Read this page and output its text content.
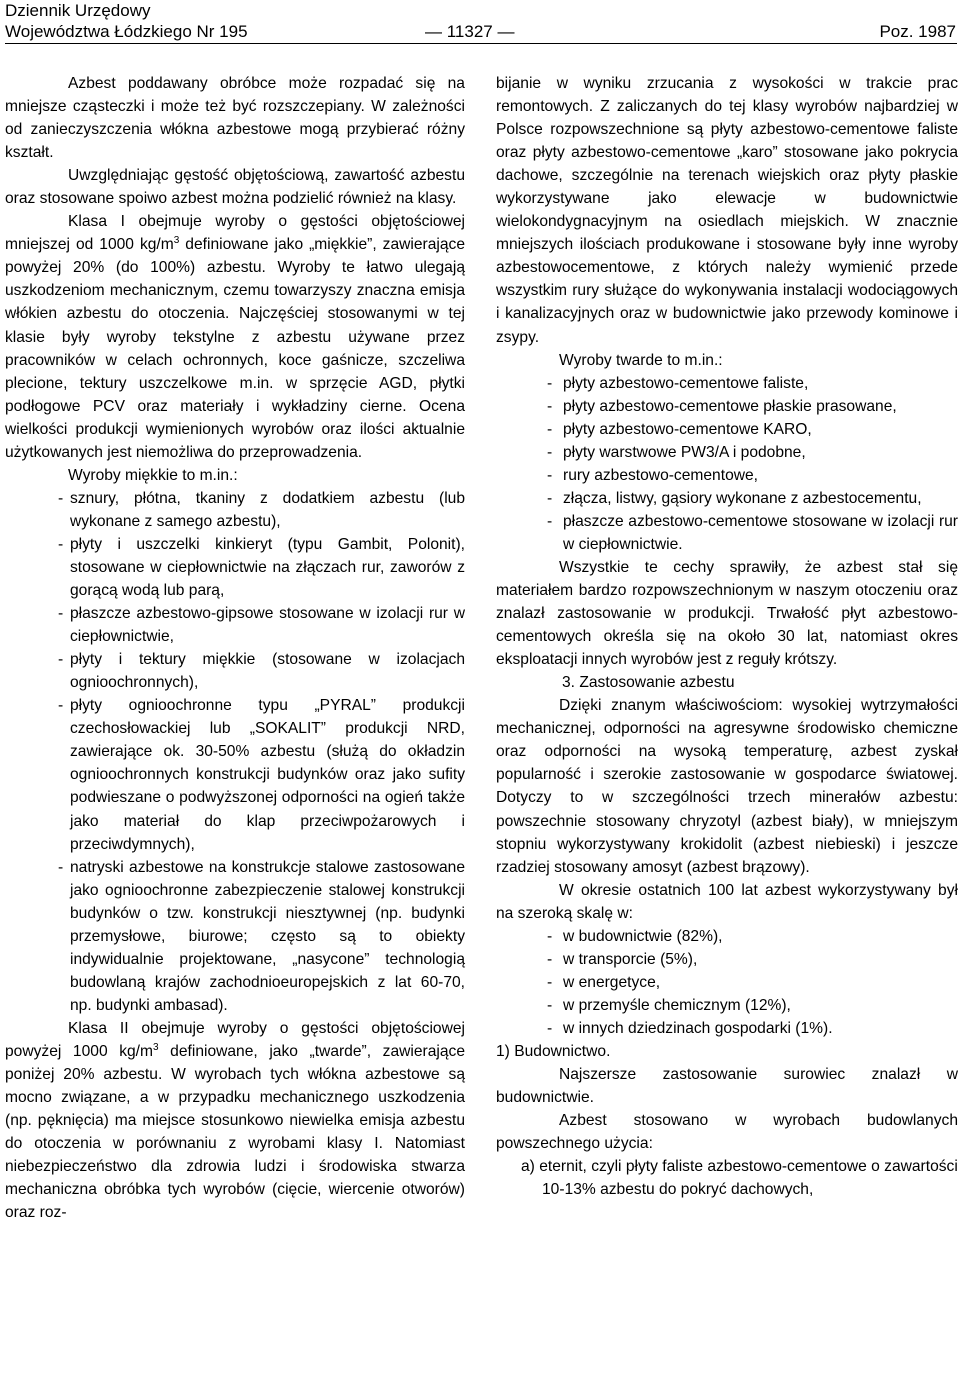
Dziennik Urzędowy
Województwa Łódzkiego Nr 195	— 11327 —	Poz. 1987

Azbest poddawany obróbce może rozpadać się na mniejsze cząsteczki i może też być rozszczepiany. W zależności od zanieczyszczenia włókna azbestowe mogą przybierać różny kształt.

Uwzględniając gęstość objętościową, zawartość azbestu oraz stosowane spoiwo azbest można podzielić również na klasy.

Klasa I obejmuje wyroby o gęstości objętościowej mniejszej od 1000 $kg/m^3$ definiowane jako „miękkie”, zawierające powyżej 20% (do 100%) azbestu. Wyroby te łatwo ulegają uszkodzeniom mechanicznym, czemu towarzyszy znaczna emisja włókien azbestu do otoczenia. Najczęściej stosowanymi w tej klasie były wyroby tekstylne z azbestu używane przez pracowników w celach ochronnych, koce gaśnicze, szczeliwa plecione, tektury uszczelkowe m.in. w sprzęcie AGD, płytki podłogowe PCV oraz materiały i wykładziny cierne. Ocena wielkości produkcji wymienionych wyrobów oraz ilości aktualnie użytkowanych jest niemożliwa do przeprowadzenia.

Wyroby miękkie to m.in.:

- sznury, płótna, tkaniny z dodatkiem azbestu (lub wykonane z samego azbestu),
- płyty i uszczelki kinkieryt (typu Gambit, Polonit), stosowane w ciepłownictwie na złączach rur, zaworów z gorącą wodą lub parą,
- płaszcze azbestowo-gipsowe stosowane w izolacji rur w ciepłownictwie,
- płyty i tektury miękkie (stosowane w izolacjach ognioochronnych),
- płyty ognioochronne typu „PYRAL” produkcji czechosłowackiej lub „SOKALIT” produkcji NRD, zawierające ok. 30-50% azbestu (służą do okładzin ognioochronnych konstrukcji budynków oraz jako sufity podwieszane o podwyższonej odporności na ogień także jako materiał do klap przeciwpożarowych i przeciwdymnych),
- natryski azbestowe na konstrukcje stalowe zastosowane jako ognioochronne zabezpieczenie stalowej konstrukcji budynków o tzw. konstrukcji niesztywnej (np. budynki przemysłowe, biurowe; często są to obiekty indywidualnie projektowane, „nasycone” technologią budowlaną krajów zachodnioeuropejskich z lat 60-70, np. budynki ambasad).

Klasa II obejmuje wyroby o gęstości objętościowej powyżej 1000 $kg/m^3$ definiowane, jako „twarde”, zawierające poniżej 20% azbestu. W wyrobach tych włókna azbestowe są mocno związane, a w przypadku mechanicznego uszkodzenia (np. pęknięcia) ma miejsce stosunkowo niewielka emisja azbestu do otoczenia w porównaniu z wyrobami klasy I. Natomiast niebezpieczeństwo dla zdrowia ludzi i środowiska stwarza mechaniczna obróbka tych wyrobów (cięcie, wiercenie otworów) oraz roz-

bijanie w wyniku zrzucania z wysokości w trakcie prac remontowych. Z zaliczanych do tej klasy wyrobów najbardziej w Polsce rozpowszechnione są płyty azbestowo-cementowe faliste oraz płyty azbestowo-cementowe „karo” stosowane jako pokrycia dachowe, szczególnie na terenach wiejskich oraz płyty płaskie wykorzystywane jako elewacje w budownictwie wielokondygnacyjnym na osiedlach miejskich. W znacznie mniejszych ilościach produkowane i stosowane były inne wyroby azbestowocementowe, z których należy wymienić przede wszystkim rury służące do wykonywania instalacji wodociągowych i kanalizacyjnych oraz w budownictwie jako przewody kominowe i zsypy.

Wyroby twarde to m.in.:

- płyty azbestowo-cementowe faliste,
- płyty azbestowo-cementowe płaskie prasowane,
- płyty azbestowo-cementowe KARO,
- płyty warstwowe PW3/A i podobne,
- rury azbestowo-cementowe,
- złącza, listwy, gąsiory wykonane z azbestocementu,
- płaszcze azbestowo-cementowe stosowane w izolacji rur w ciepłownictwie.

Wszystkie te cechy sprawiły, że azbest stał się materiałem bardzo rozpowszechnionym w naszym otoczeniu oraz znalazł zastosowanie w produkcji. Trwałość płyt azbestowo-cementowych określa się na około 30 lat, natomiast okres eksploatacji innych wyrobów jest z reguły krótszy.

3. Zastosowanie azbestu

Dzięki znanym właściwościom: wysokiej wytrzymałości mechanicznej, odporności na agresywne środowisko chemiczne oraz odporności na wysoką temperaturę, azbest zyskał popularność i szerokie zastosowanie w gospodarce światowej. Dotyczy to w szczególności trzech minerałów azbestu: powszechnie stosowany chryzotyl (azbest biały), w mniejszym stopniu wykorzystywany krokidolit (azbest niebieski) i jeszcze rzadziej stosowany amosyt (azbest brązowy).

W okresie ostatnich 100 lat azbest wykorzystywany był na szeroką skalę w:

- w budownictwie (82%),
- w transporcie (5%),
- w energetyce,
- w przemyśle chemicznym (12%),
- w innych dziedzinach gospodarki (1%).

1) Budownictwo.

Najszersze zastosowanie surowiec znalazł w budownictwie.

Azbest stosowano w wyrobach budowlanych powszechnego użycia:

a) eternit, czyli płyty faliste azbestowo-cementowe o zawartości 10-13% azbestu do pokryć dachowych,
